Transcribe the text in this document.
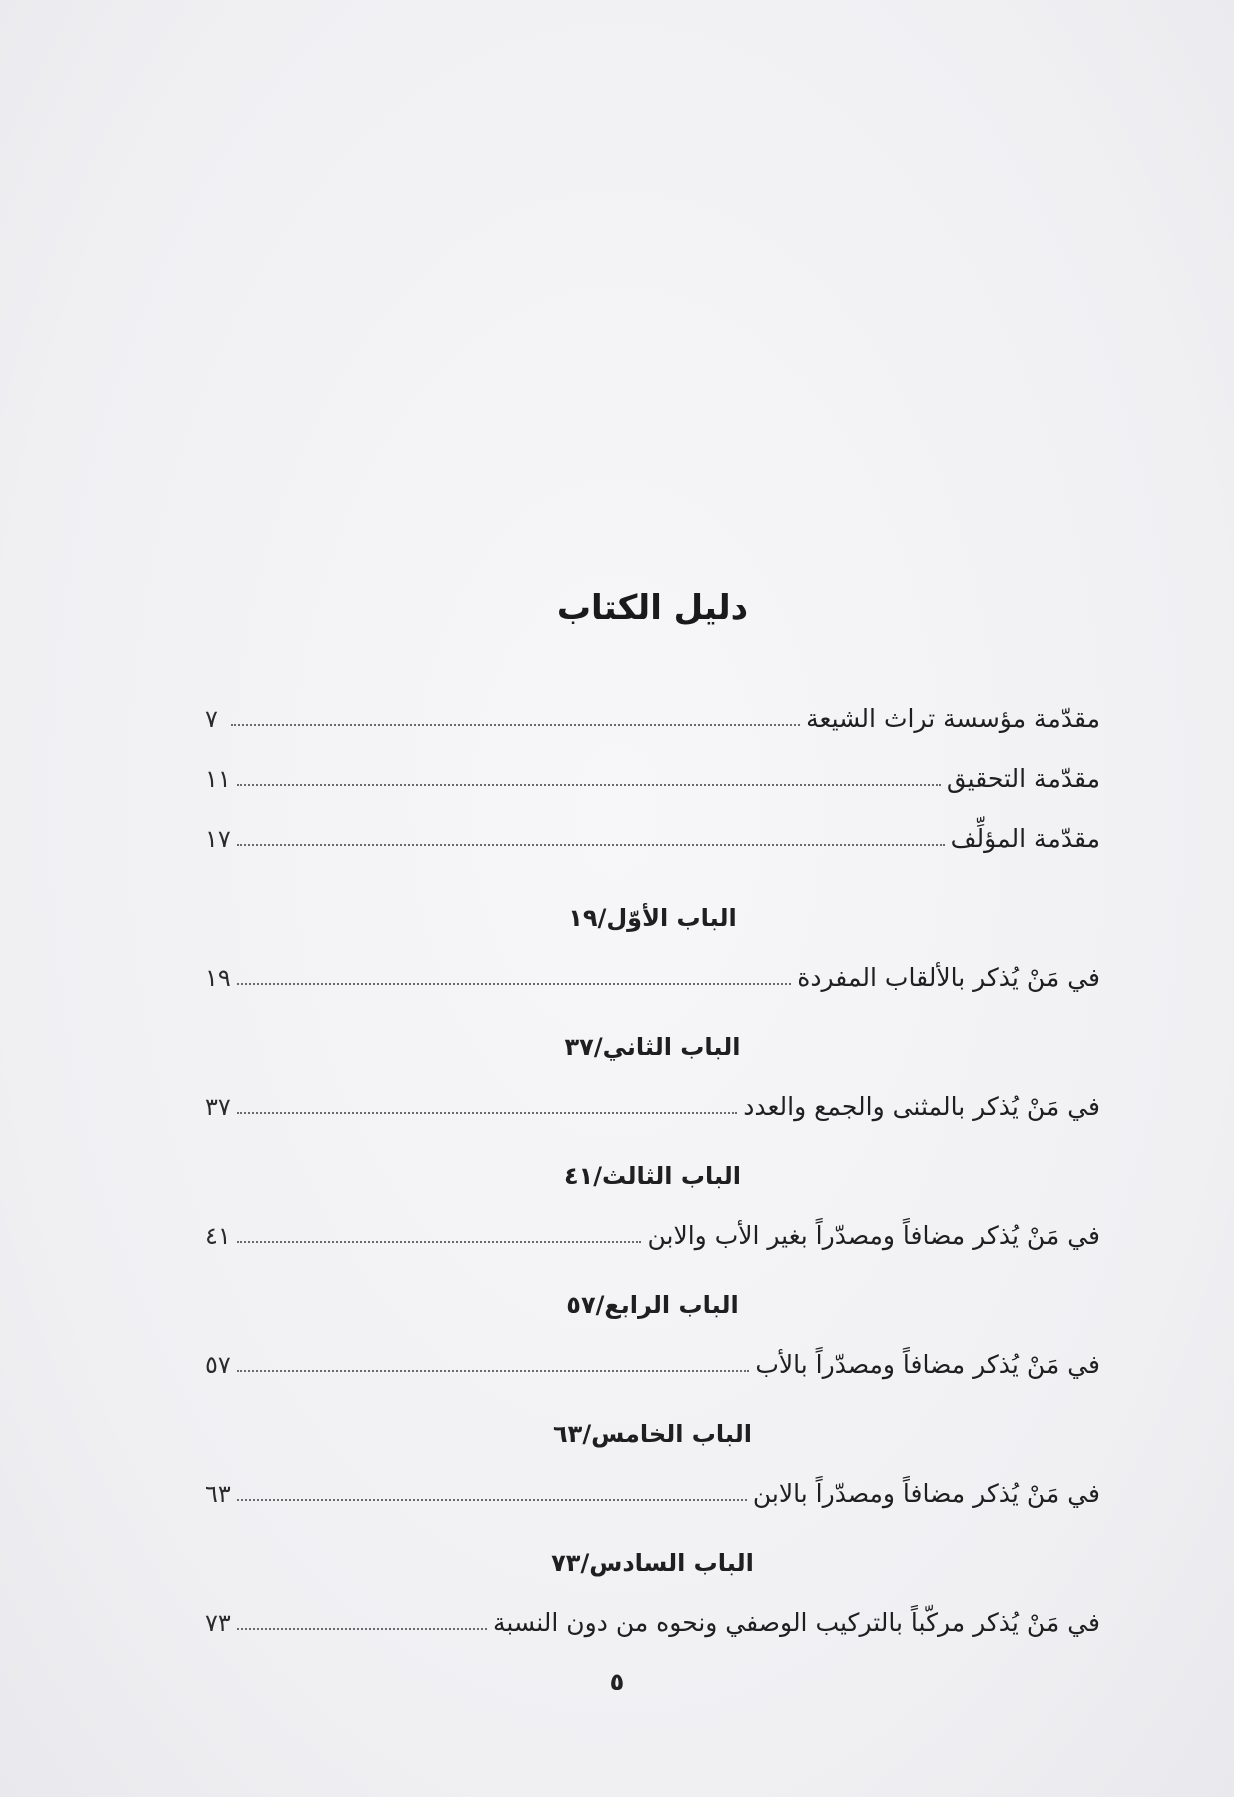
دليل الكتاب
مقدّمة مؤسسة تراث الشيعة
٧
مقدّمة التحقيق
١١
مقدّمة المؤلِّف
١٧
الباب الأوّل/١٩
في مَنْ يُذكر بالألقاب المفردة
١٩
الباب الثاني/٣٧
في مَنْ يُذكر بالمثنى والجمع والعدد
٣٧
الباب الثالث/٤١
في مَنْ يُذكر مضافاً ومصدّراً بغير الأب والابن
٤١
الباب الرابع/٥٧
في مَنْ يُذكر مضافاً ومصدّراً بالأب
٥٧
الباب الخامس/٦٣
في مَنْ يُذكر مضافاً ومصدّراً بالابن
٦٣
الباب السادس/٧٣
في مَنْ يُذكر مركّباً بالتركيب الوصفي ونحوه من دون النسبة
٧٣
٥
